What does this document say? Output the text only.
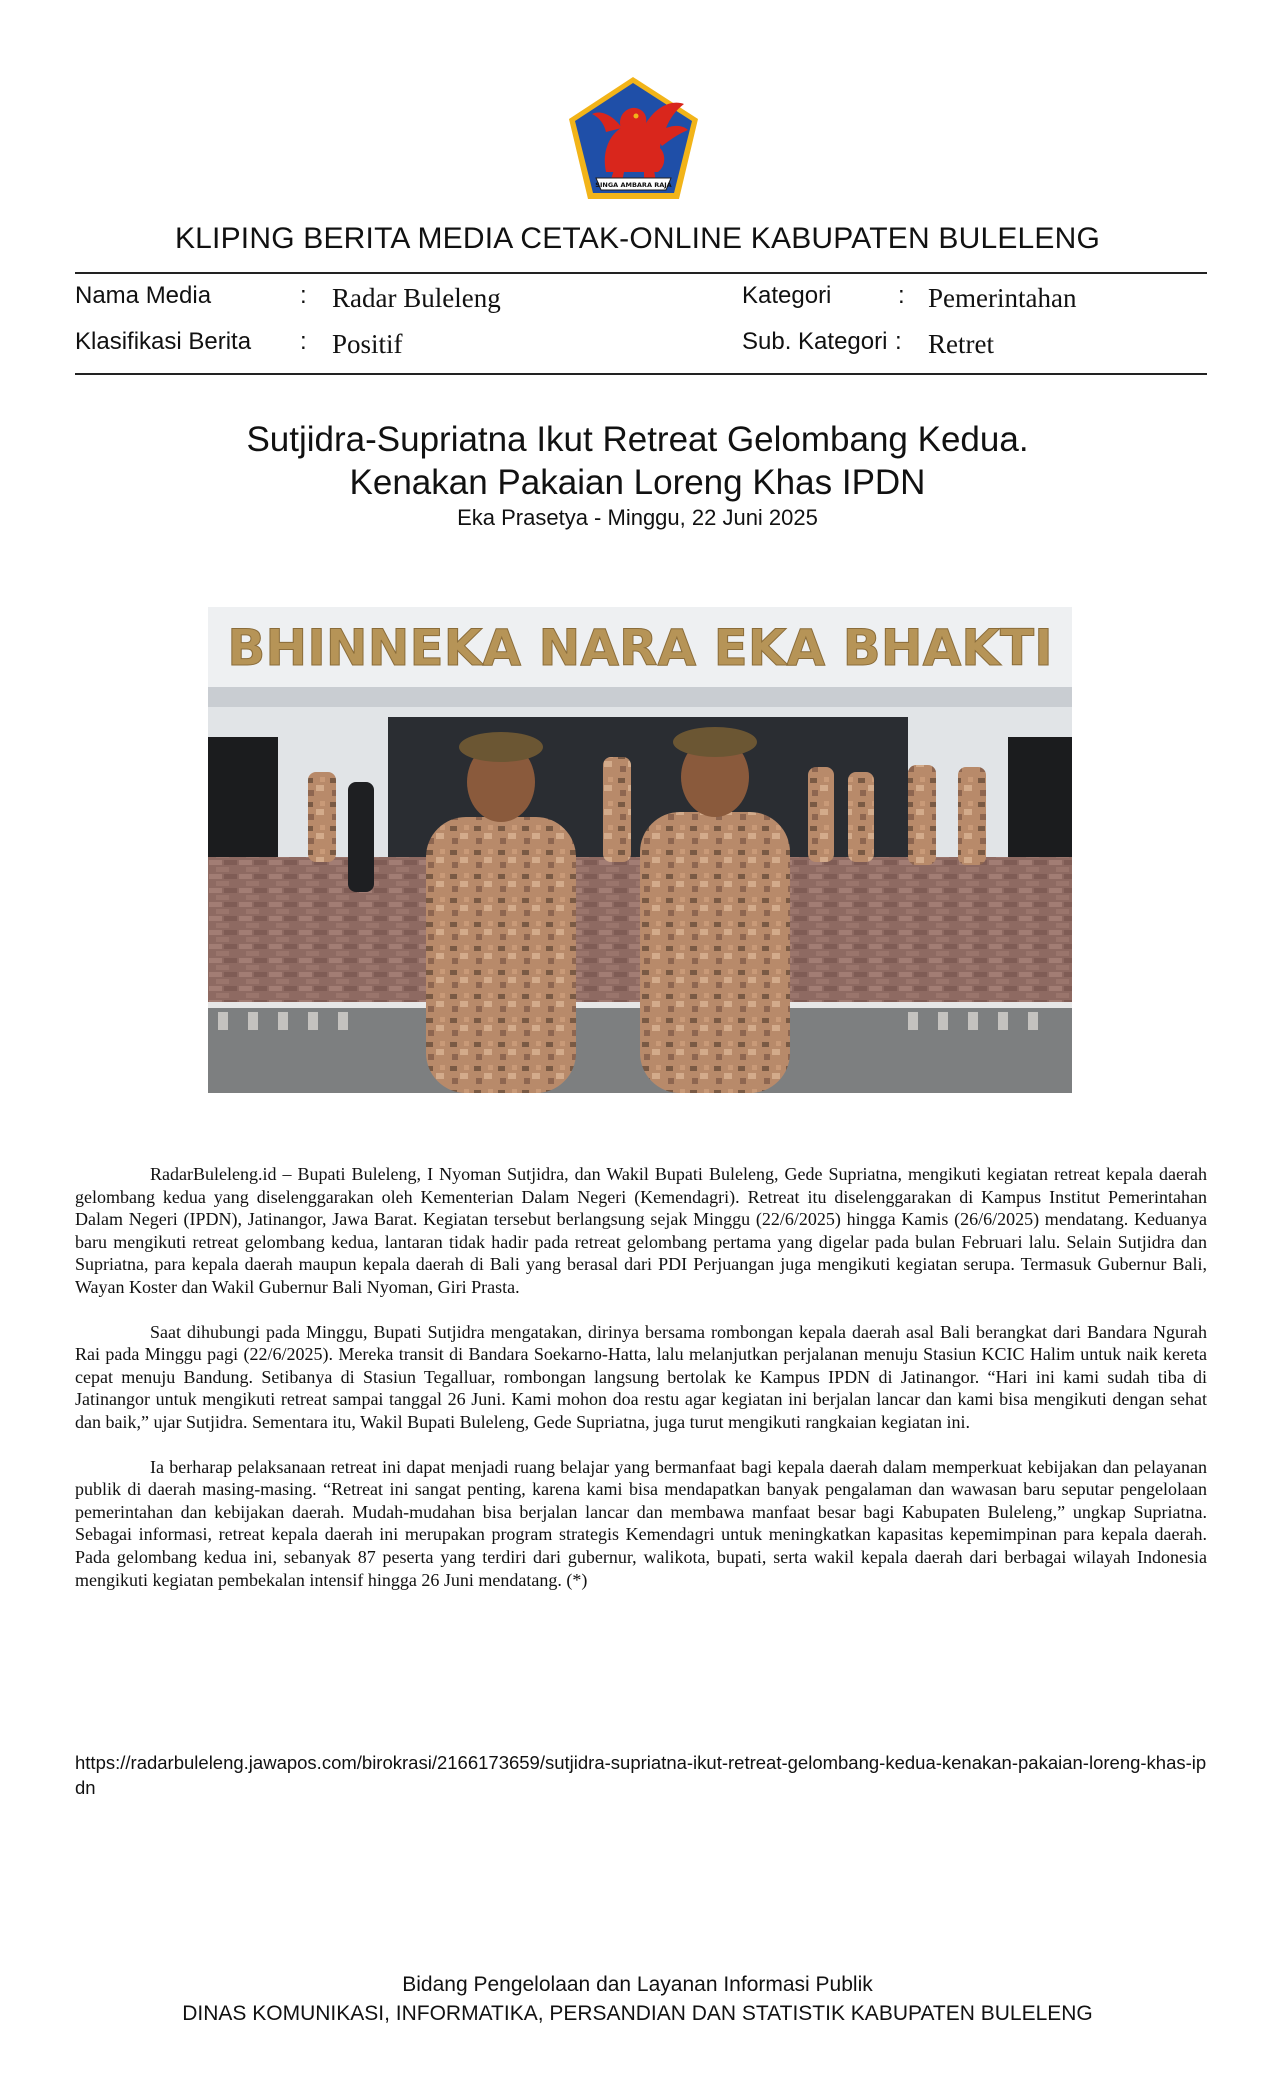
SINGA AMBARA RAJA
KLIPING BERITA MEDIA CETAK-ONLINE KABUPATEN BULELENG
Nama Media	: Radar Buleleng	Kategori	: Pemerintahan
Klasifikasi Berita : Positif	Sub. Kategori : Retret
Sutjidra-Supriatna Ikut Retreat Gelombang Kedua.
Kenakan Pakaian Loreng Khas IPDN
Eka Prasetya - Minggu, 22 Juni 2025
BHINNEKA NARA EKA BHAKTI

RadarBuleleng.id – Bupati Buleleng, I Nyoman Sutjidra, dan Wakil Bupati Buleleng, Gede Supriatna, mengikuti kegiatan retreat kepala daerah gelombang kedua yang diselenggarakan oleh Kementerian Dalam Negeri (Kemendagri). Retreat itu diselenggarakan di Kampus Institut Pemerintahan Dalam Negeri (IPDN), Jatinangor, Jawa Barat. Kegiatan tersebut berlangsung sejak Minggu (22/6/2025) hingga Kamis (26/6/2025) mendatang. Keduanya baru mengikuti retreat gelombang kedua, lantaran tidak hadir pada retreat gelombang pertama yang digelar pada bulan Februari lalu. Selain Sutjidra dan Supriatna, para kepala daerah maupun kepala daerah di Bali yang berasal dari PDI Perjuangan juga mengikuti kegiatan serupa. Termasuk Gubernur Bali, Wayan Koster dan Wakil Gubernur Bali Nyoman, Giri Prasta.

Saat dihubungi pada Minggu, Bupati Sutjidra mengatakan, dirinya bersama rombongan kepala daerah asal Bali berangkat dari Bandara Ngurah Rai pada Minggu pagi (22/6/2025). Mereka transit di Bandara Soekarno-Hatta, lalu melanjutkan perjalanan menuju Stasiun KCIC Halim untuk naik kereta cepat menuju Bandung. Setibanya di Stasiun Tegalluar, rombongan langsung bertolak ke Kampus IPDN di Jatinangor. “Hari ini kami sudah tiba di Jatinangor untuk mengikuti retreat sampai tanggal 26 Juni. Kami mohon doa restu agar kegiatan ini berjalan lancar dan kami bisa mengikuti dengan sehat dan baik,” ujar Sutjidra. Sementara itu, Wakil Bupati Buleleng, Gede Supriatna, juga turut mengikuti rangkaian kegiatan ini.

Ia berharap pelaksanaan retreat ini dapat menjadi ruang belajar yang bermanfaat bagi kepala daerah dalam memperkuat kebijakan dan pelayanan publik di daerah masing-masing. “Retreat ini sangat penting, karena kami bisa mendapatkan banyak pengalaman dan wawasan baru seputar pengelolaan pemerintahan dan kebijakan daerah. Mudah-mudahan bisa berjalan lancar dan membawa manfaat besar bagi Kabupaten Buleleng,” ungkap Supriatna. Sebagai informasi, retreat kepala daerah ini merupakan program strategis Kemendagri untuk meningkatkan kapasitas kepemimpinan para kepala daerah. Pada gelombang kedua ini, sebanyak 87 peserta yang terdiri dari gubernur, walikota, bupati, serta wakil kepala daerah dari berbagai wilayah Indonesia mengikuti kegiatan pembekalan intensif hingga 26 Juni mendatang. (*)

https://radarbuleleng.jawapos.com/birokrasi/2166173659/sutjidra-supriatna-ikut-retreat-gelombang-kedua-kenakan-pakaian-loreng-khas-ipdn
Bidang Pengelolaan dan Layanan Informasi Publik
DINAS KOMUNIKASI, INFORMATIKA, PERSANDIAN DAN STATISTIK KABUPATEN BULELENG
